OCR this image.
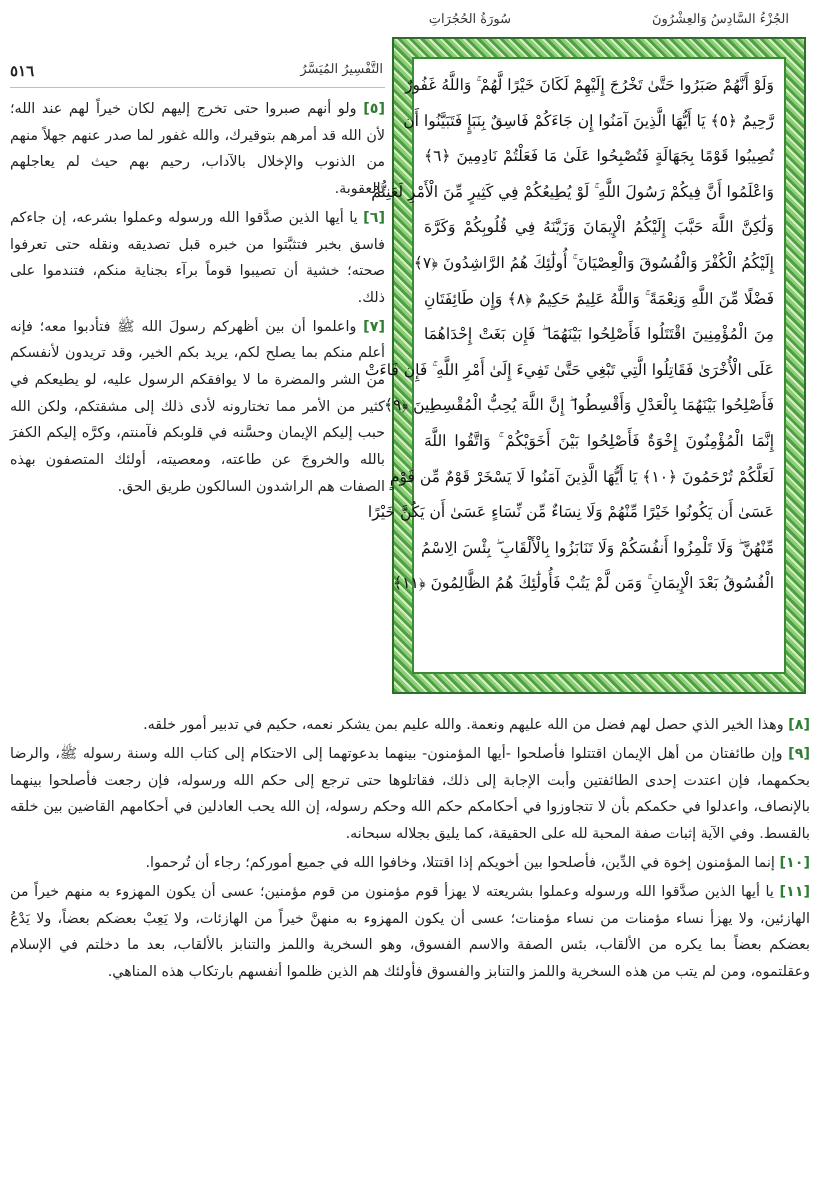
الجُزْءُ السَّادِسُ وَالعِشْرُونَ
سُورَةُ الحُجُرَاتِ
التَّفْسِيرُ المُيَسَّرُ
٥١٦
وَلَوْ أَنَّهُمْ صَبَرُوا حَتَّىٰ تَخْرُجَ إِلَيْهِمْ لَكَانَ خَيْرًا لَّهُمْ ۚ وَاللَّهُ غَفُورٌ
رَّحِيمٌ ﴿٥﴾ يَا أَيُّهَا الَّذِينَ آمَنُوا إِن جَاءَكُمْ فَاسِقٌ بِنَبَإٍ فَتَبَيَّنُوا أَن
تُصِيبُوا قَوْمًا بِجَهَالَةٍ فَتُصْبِحُوا عَلَىٰ مَا فَعَلْتُمْ نَادِمِينَ ﴿٦﴾
وَاعْلَمُوا أَنَّ فِيكُمْ رَسُولَ اللَّهِ ۚ لَوْ يُطِيعُكُمْ فِي كَثِيرٍ مِّنَ الْأَمْرِ لَعَنِتُّمْ
وَلَٰكِنَّ اللَّهَ حَبَّبَ إِلَيْكُمُ الْإِيمَانَ وَزَيَّنَهُ فِي قُلُوبِكُمْ وَكَرَّهَ
إِلَيْكُمُ الْكُفْرَ وَالْفُسُوقَ وَالْعِصْيَانَ ۚ أُولَٰئِكَ هُمُ الرَّاشِدُونَ ﴿٧﴾
فَضْلًا مِّنَ اللَّهِ وَنِعْمَةً ۚ وَاللَّهُ عَلِيمٌ حَكِيمٌ ﴿٨﴾ وَإِن طَائِفَتَانِ
مِنَ الْمُؤْمِنِينَ اقْتَتَلُوا فَأَصْلِحُوا بَيْنَهُمَا ۖ فَإِن بَغَتْ إِحْدَاهُمَا
عَلَى الْأُخْرَىٰ فَقَاتِلُوا الَّتِي تَبْغِي حَتَّىٰ تَفِيءَ إِلَىٰ أَمْرِ اللَّهِ ۚ فَإِن فَاءَتْ
فَأَصْلِحُوا بَيْنَهُمَا بِالْعَدْلِ وَأَقْسِطُوا ۖ إِنَّ اللَّهَ يُحِبُّ الْمُقْسِطِينَ ﴿٩﴾
إِنَّمَا الْمُؤْمِنُونَ إِخْوَةٌ فَأَصْلِحُوا بَيْنَ أَخَوَيْكُمْ ۚ وَاتَّقُوا اللَّهَ
لَعَلَّكُمْ تُرْحَمُونَ ﴿١٠﴾ يَا أَيُّهَا الَّذِينَ آمَنُوا لَا يَسْخَرْ قَوْمٌ مِّن قَوْمٍ
عَسَىٰ أَن يَكُونُوا خَيْرًا مِّنْهُمْ وَلَا نِسَاءٌ مِّن نِّسَاءٍ عَسَىٰ أَن يَكُنَّ خَيْرًا
مِّنْهُنَّ ۖ وَلَا تَلْمِزُوا أَنفُسَكُمْ وَلَا تَنَابَزُوا بِالْأَلْقَابِ ۖ بِئْسَ الِاسْمُ
الْفُسُوقُ بَعْدَ الْإِيمَانِ ۚ وَمَن لَّمْ يَتُبْ فَأُولَٰئِكَ هُمُ الظَّالِمُونَ ﴿١١﴾

[٥] ولو أنهم صبروا حتى تخرج إليهم لكان خيراً لهم عند الله؛ لأن الله قد أمرهم بتوقيرك، والله غفور لما صدر عنهم جهلاً منهم من الذنوب والإخلال بالآداب، رحيم بهم حيث لم يعاجلهم بالعقوبة.

[٦] يا أيها الذين صدَّقوا الله ورسوله وعملوا بشرعه، إن جاءكم فاسق بخبر فتثبَّتوا من خبره قبل تصديقه ونقله حتى تعرفوا صحته؛ خشية أن تصيبوا قوماً برآء بجناية منكم، فتندموا على ذلك.

[٧] واعلموا أن بين أظهركم رسولَ الله ﷺ فتأدبوا معه؛ فإنه أعلم منكم بما يصلح لكم، يريد بكم الخير، وقد تريدون لأنفسكم من الشر والمضرة ما لا يوافقكم الرسول عليه، لو يطيعكم في كثير من الأمر مما تختارونه لأدى ذلك إلى مشقتكم، ولكن الله حبب إليكم الإيمان وحسَّنه في قلوبكم فآمنتم، وكرَّه إليكم الكفرَ بالله والخروجَ عن طاعته، ومعصيته، أولئك المتصفون بهذه الصفات هم الراشدون السالكون طريق الحق.

[٨] وهذا الخير الذي حصل لهم فضل من الله عليهم ونعمة. والله عليم بمن يشكر نعمه، حكيم في تدبير أمور خلقه.

[٩] وإن طائفتان من أهل الإيمان اقتتلوا فأصلحوا -أيها المؤمنون- بينهما بدعوتهما إلى الاحتكام إلى كتاب الله وسنة رسوله ﷺ، والرضا بحكمهما، فإن اعتدت إحدى الطائفتين وأبت الإجابة إلى ذلك، فقاتلوها حتى ترجع إلى حكم الله ورسوله، فإن رجعت فأصلحوا بينهما بالإنصاف، واعدلوا في حكمكم بأن لا تتجاوزوا في أحكامكم حكم الله وحكم رسوله، إن الله يحب العادلين في أحكامهم القاضين بين خلقه بالقسط. وفي الآية إثبات صفة المحبة لله على الحقيقة، كما يليق بجلاله سبحانه.

[١٠] إنما المؤمنون إخوة في الدِّين، فأصلحوا بين أخويكم إذا اقتتلا، وخافوا الله في جميع أموركم؛ رجاء أن تُرحموا.

[١١] يا أيها الذين صدَّقوا الله ورسوله وعملوا بشريعته لا يهزأ قوم مؤمنون من قوم مؤمنين؛ عسى أن يكون المهزوء به منهم خيراً من الهازئين، ولا يهزأ نساء مؤمنات من نساء مؤمنات؛ عسى أن يكون المهزوء به منهنَّ خيراً من الهازئات، ولا يَعِبْ بعضكم بعضاً، ولا يَدْعُ بعضكم بعضاً بما يكره من الألقاب، بئس الصفة والاسم الفسوق، وهو السخرية واللمز والتنابز بالألقاب، بعد ما دخلتم في الإسلام وعقلتموه، ومن لم يتب من هذه السخرية واللمز والتنابز والفسوق فأولئك هم الذين ظلموا أنفسهم بارتكاب هذه المناهي.
